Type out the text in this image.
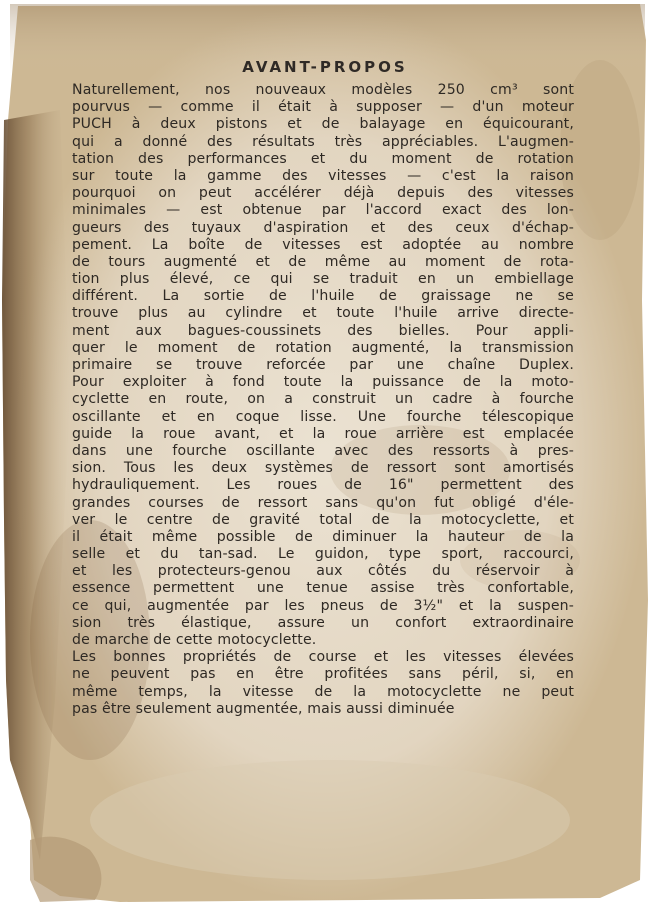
AVANT-PROPOS
Naturellement, nos nouveaux modèles 250 cm³ sont
pourvus — comme il était à supposer — d'un moteur
PUCH à deux pistons et de balayage en équicourant,
qui a donné des résultats très appréciables. L'augmen-
tation des performances et du moment de rotation
sur toute la gamme des vitesses — c'est la raison
pourquoi on peut accélérer déjà depuis des vitesses
minimales — est obtenue par l'accord exact des lon-
gueurs des tuyaux d'aspiration et des ceux d'échap-
pement. La boîte de vitesses est adoptée au nombre
de tours augmenté et de même au moment de rota-
tion plus élevé, ce qui se traduit en un embiellage
différent. La sortie de l'huile de graissage ne se
trouve plus au cylindre et toute l'huile arrive directe-
ment aux bagues-coussinets des bielles. Pour appli-
quer le moment de rotation augmenté, la transmission
primaire se trouve reforcée par une chaîne Duplex.
Pour exploiter à fond toute la puissance de la moto-
cyclette en route, on a construit un cadre à fourche
oscillante et en coque lisse. Une fourche télescopique
guide la roue avant, et la roue arrière est emplacée
dans une fourche oscillante avec des ressorts à pres-
sion. Tous les deux systèmes de ressort sont amortisés
hydrauliquement. Les roues de 16" permettent des
grandes courses de ressort sans qu'on fut obligé d'éle-
ver le centre de gravité total de la motocyclette, et
il était même possible de diminuer la hauteur de la
selle et du tan-sad. Le guidon, type sport, raccourci,
et les protecteurs-genou aux côtés du réservoir à
essence permettent une tenue assise très confortable,
ce qui, augmentée par les pneus de 3½" et la suspen-
sion très élastique, assure un confort extraordinaire
de marche de cette motocyclette.
Les bonnes propriétés de course et les vitesses élevées
ne peuvent pas en être profitées sans péril, si, en
même temps, la vitesse de la motocyclette ne peut
pas être seulement augmentée, mais aussi diminuée
